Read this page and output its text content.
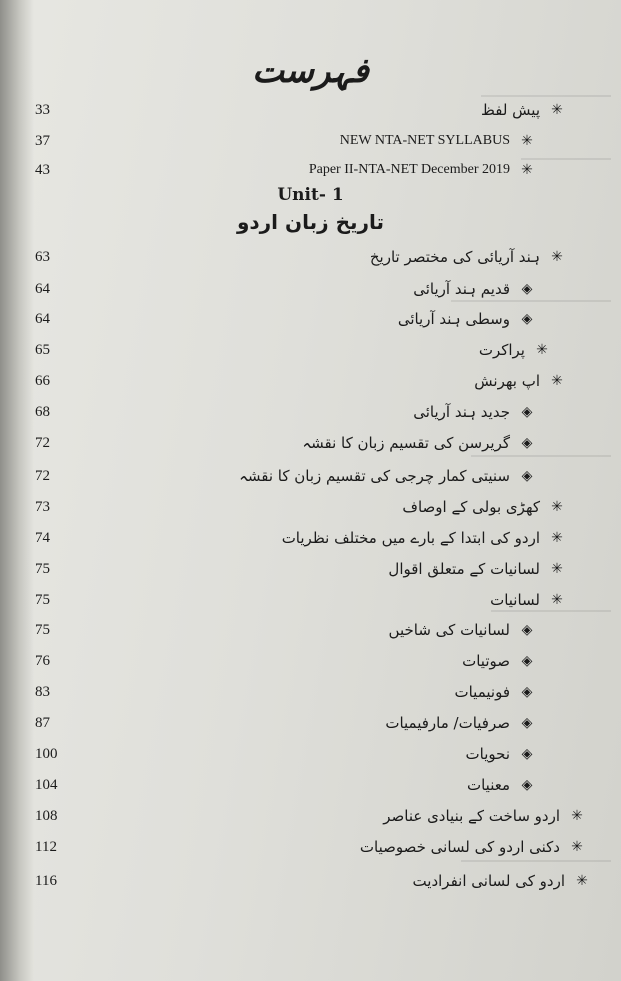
فہرست
Unit- 1
تاریخ زبان اردو
33	پیش لفظ ✳
37	NEW NTA-NET SYLLABUS ✳
43	Paper II-NTA-NET December 2019 ✳
63	ہند آریائی کی مختصر تاریخ ✳
64	قدیم ہند آریائی ◈
64	وسطی ہند آریائی ◈
65	پراکرت ✳
66	اپ بھرنش ✳
68	جدید ہند آریائی ◈
72	گریرسن کی تقسیم زبان کا نقشہ ◈
72	سنیتی کمار چرجی کی تقسیم زبان کا نقشہ ◈
73	کھڑی بولی کے اوصاف ✳
74	اردو کی ابتدا کے بارے میں مختلف نظریات ✳
75	لسانیات کے متعلق اقوال ✳
75	لسانیات ✳
75	لسانیات کی شاخیں ◈
76	صوتیات ◈
83	فونیمیات ◈
87	صرفیات/ مارفیمیات ◈
100	نحویات ◈
104	معنیات ◈
108	اردو ساخت کے بنیادی عناصر ✳
112	دکنی اردو کی لسانی خصوصیات ✳
116	اردو کی لسانی انفرادیت ✳
